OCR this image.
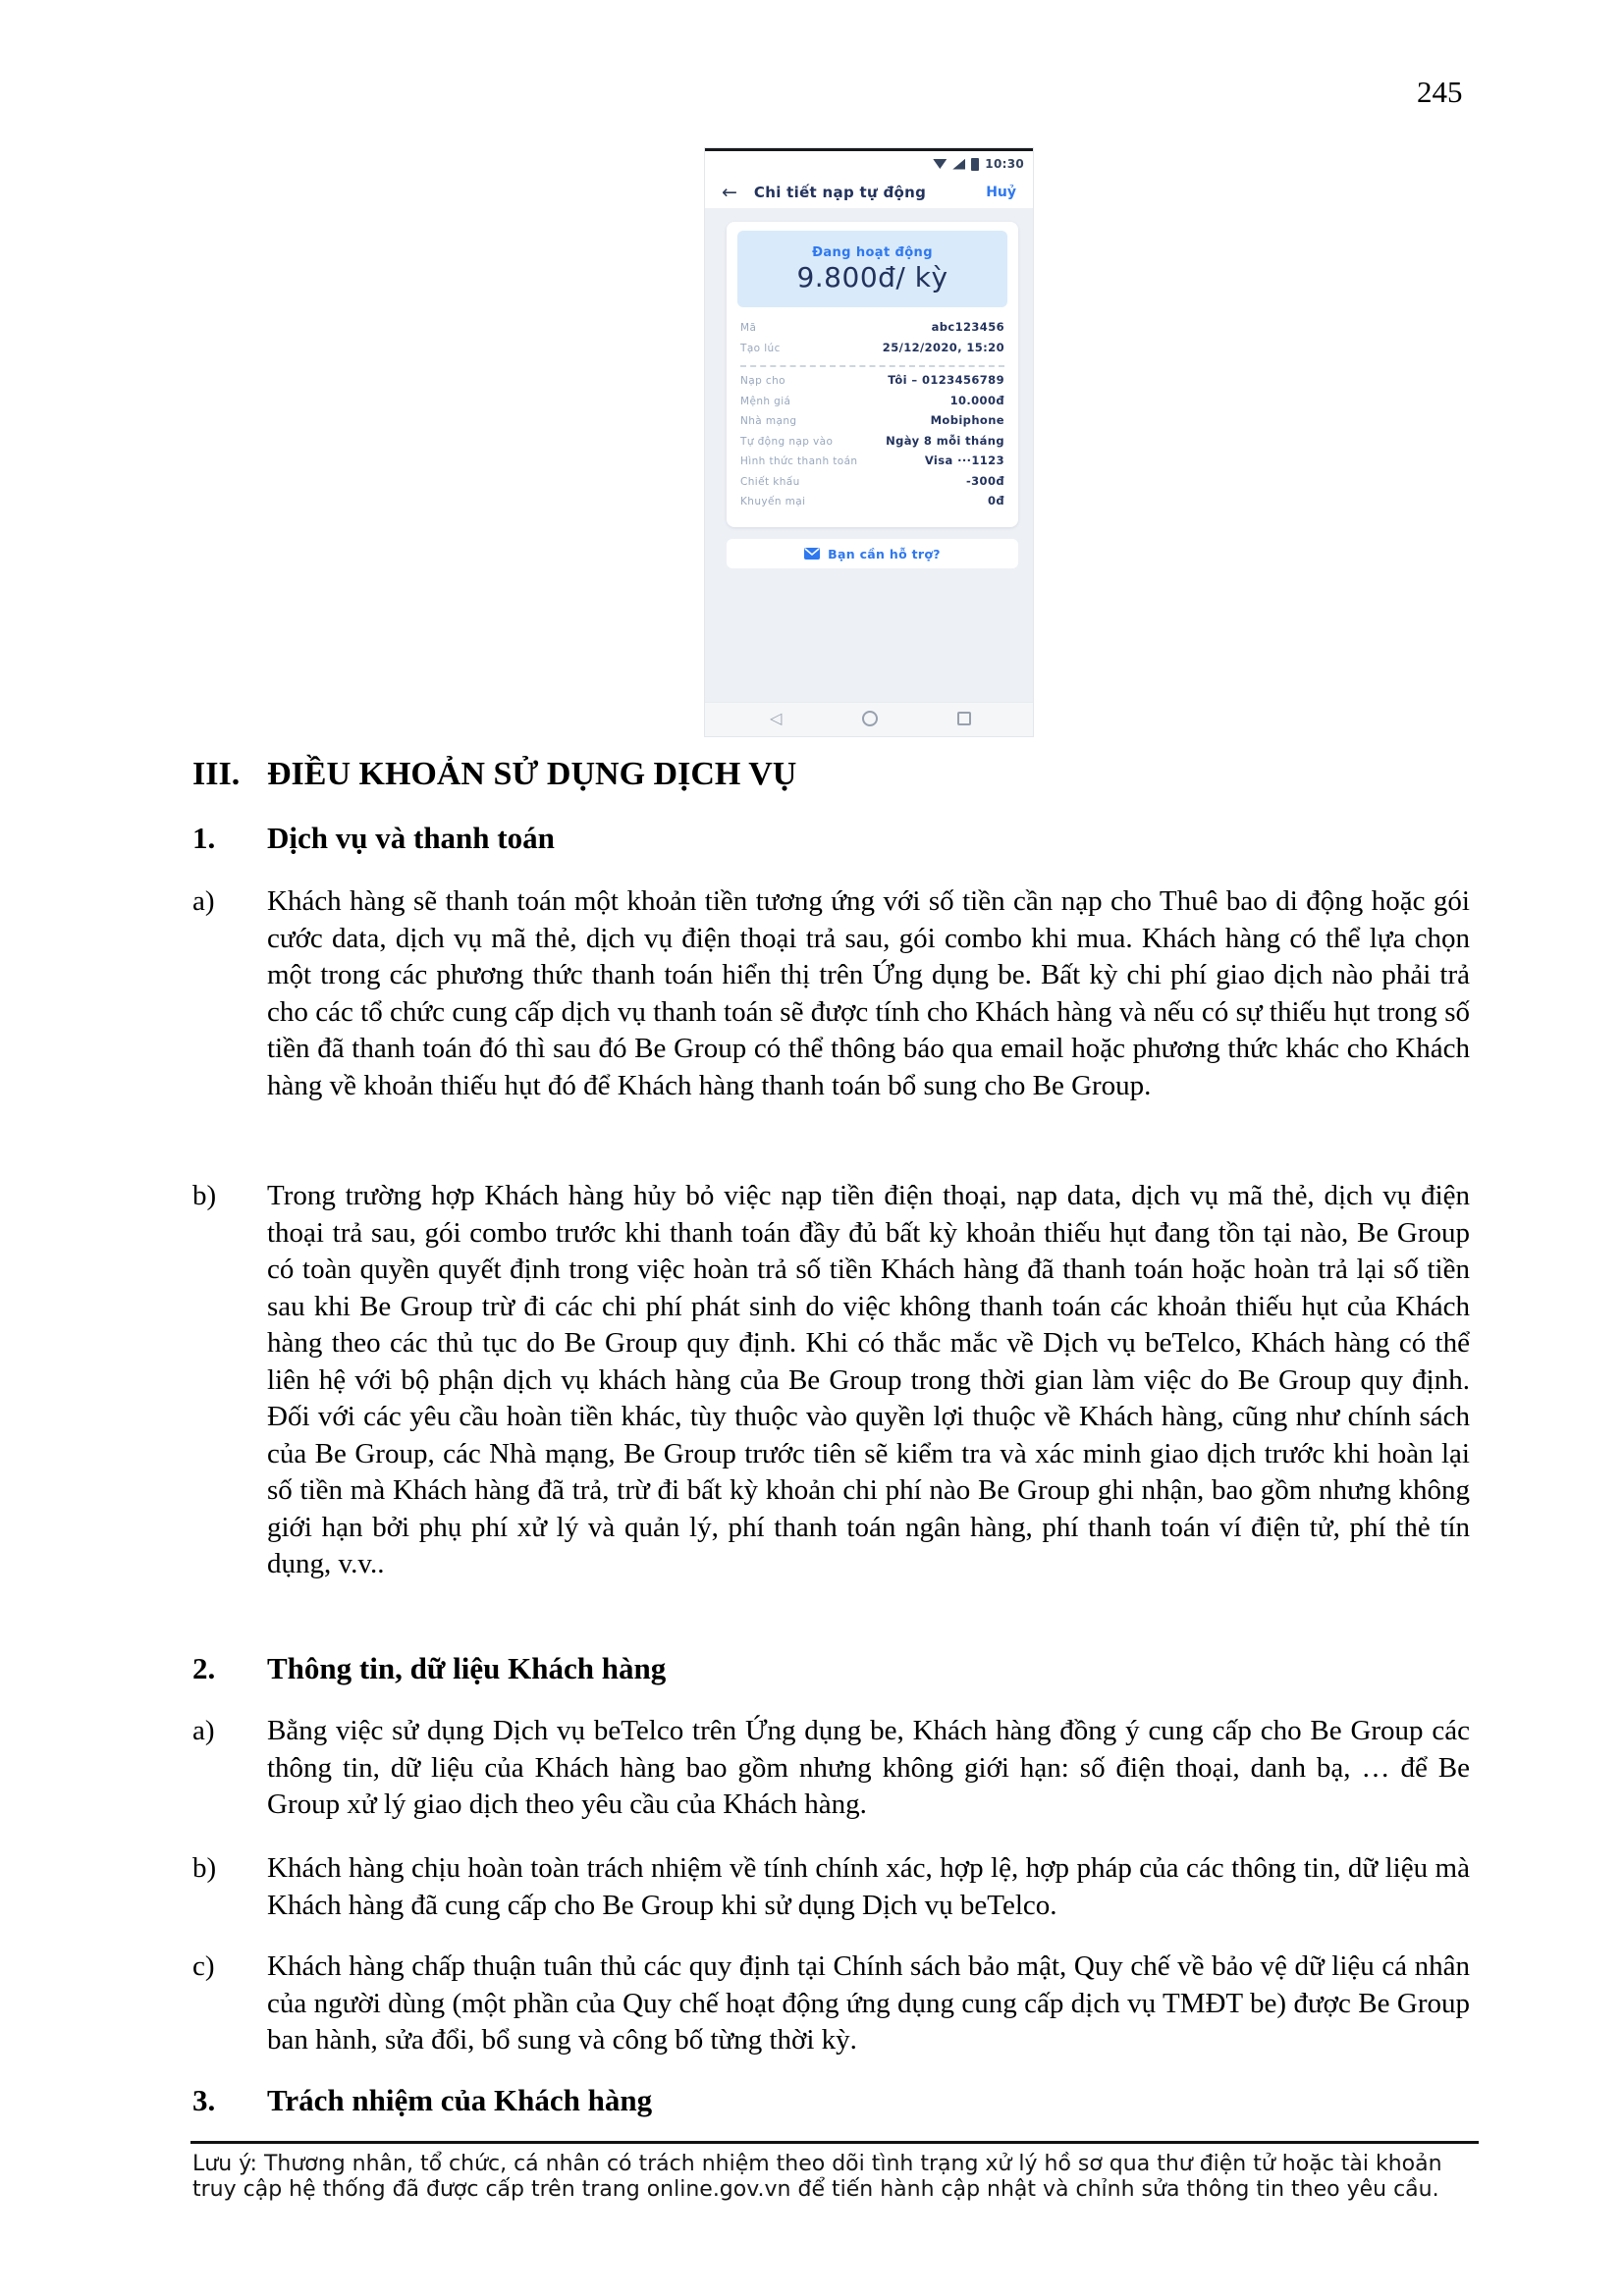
245
10:30
← Chi tiết nạp tự động	Huỷ
Đang hoạt động
9.800đ/ kỳ
Mã	abc123456
Tạo lúc	25/12/2020, 15:20
Nạp cho	Tôi – 0123456789
Mệnh giá	10.000đ
Nhà mạng	Mobiphone
Tự động nạp vào	Ngày 8 mỗi tháng
Hình thức thanh toán	Visa ···1123
Chiết khấu	-300đ
Khuyến mại	0đ
Bạn cần hỗ trợ?
◁
III. ĐIỀU KHOẢN SỬ DỤNG DỊCH VỤ
1.	Dịch vụ và thanh toán
a)	Khách hàng sẽ thanh toán một khoản tiền tương ứng với số tiền cần nạp cho Thuê bao di động hoặc gói cước data, dịch vụ mã thẻ, dịch vụ điện thoại trả sau, gói combo khi mua. Khách hàng có thể lựa chọn một trong các phương thức thanh toán hiển thị trên Ứng dụng be. Bất kỳ chi phí giao dịch nào phải trả cho các tổ chức cung cấp dịch vụ thanh toán sẽ được tính cho Khách hàng và nếu có sự thiếu hụt trong số tiền đã thanh toán đó thì sau đó Be Group có thể thông báo qua email hoặc phương thức khác cho Khách hàng về khoản thiếu hụt đó để Khách hàng thanh toán bổ sung cho Be Group.
b)	Trong trường hợp Khách hàng hủy bỏ việc nạp tiền điện thoại, nạp data, dịch vụ mã thẻ, dịch vụ điện thoại trả sau, gói combo trước khi thanh toán đầy đủ bất kỳ khoản thiếu hụt đang tồn tại nào, Be Group có toàn quyền quyết định trong việc hoàn trả số tiền Khách hàng đã thanh toán hoặc hoàn trả lại số tiền sau khi Be Group trừ đi các chi phí phát sinh do việc không thanh toán các khoản thiếu hụt của Khách hàng theo các thủ tục do Be Group quy định. Khi có thắc mắc về Dịch vụ beTelco, Khách hàng có thể liên hệ với bộ phận dịch vụ khách hàng của Be Group trong thời gian làm việc do Be Group quy định. Đối với các yêu cầu hoàn tiền khác, tùy thuộc vào quyền lợi thuộc về Khách hàng, cũng như chính sách của Be Group, các Nhà mạng, Be Group trước tiên sẽ kiểm tra và xác minh giao dịch trước khi hoàn lại số tiền mà Khách hàng đã trả, trừ đi bất kỳ khoản chi phí nào Be Group ghi nhận, bao gồm nhưng không giới hạn bởi phụ phí xử lý và quản lý, phí thanh toán ngân hàng, phí thanh toán ví điện tử, phí thẻ tín dụng, v.v..
2.	Thông tin, dữ liệu Khách hàng
a)	Bằng việc sử dụng Dịch vụ beTelco trên Ứng dụng be, Khách hàng đồng ý cung cấp cho Be Group các thông tin, dữ liệu của Khách hàng bao gồm nhưng không giới hạn: số điện thoại, danh bạ, … để Be Group xử lý giao dịch theo yêu cầu của Khách hàng.
b)	Khách hàng chịu hoàn toàn trách nhiệm về tính chính xác, hợp lệ, hợp pháp của các thông tin, dữ liệu mà Khách hàng đã cung cấp cho Be Group khi sử dụng Dịch vụ beTelco.
c)	Khách hàng chấp thuận tuân thủ các quy định tại Chính sách bảo mật, Quy chế về bảo vệ dữ liệu cá nhân của người dùng (một phần của Quy chế hoạt động ứng dụng cung cấp dịch vụ TMĐT be) được Be Group ban hành, sửa đổi, bổ sung và công bố từng thời kỳ.
3.	Trách nhiệm của Khách hàng
Lưu ý: Thương nhân, tổ chức, cá nhân có trách nhiệm theo dõi tình trạng xử lý hồ sơ qua thư điện tử hoặc tài khoản truy cập hệ thống đã được cấp trên trang online.gov.vn để tiến hành cập nhật và chỉnh sửa thông tin theo yêu cầu.
